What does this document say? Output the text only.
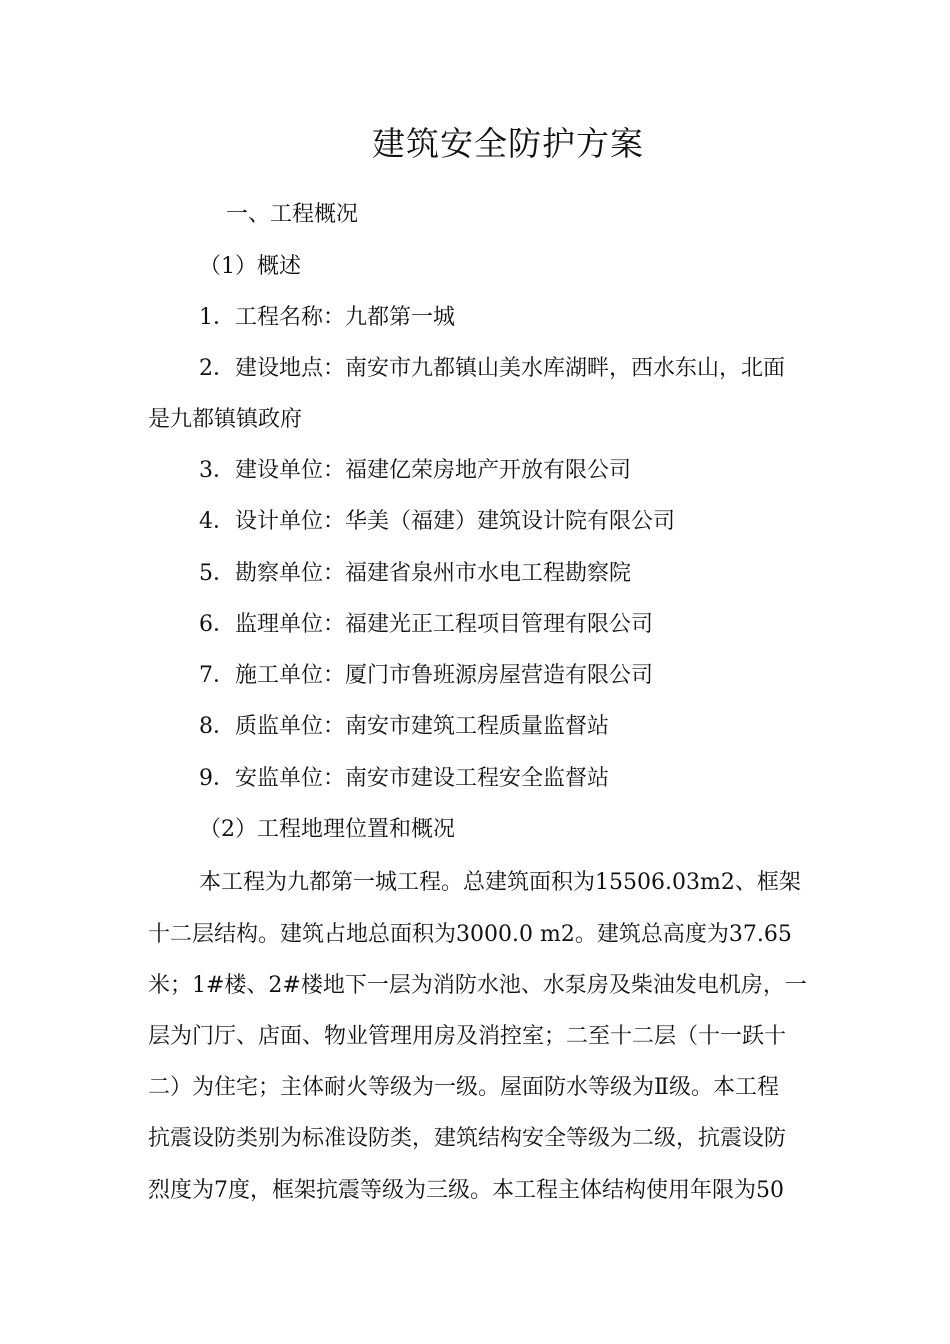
建筑安全防护方案
一、工程概况
（1）概述
1．工程名称：九都第一城
2．建设地点：南安市九都镇山美水库湖畔，西水东山，北面
是九都镇镇政府
3．建设单位：福建亿荣房地产开放有限公司
4．设计单位：华美（福建）建筑设计院有限公司
5．勘察单位：福建省泉州市水电工程勘察院
6．监理单位：福建光正工程项目管理有限公司
7．施工单位：厦门市鲁班源房屋营造有限公司
8．质监单位：南安市建筑工程质量监督站
9．安监单位：南安市建设工程安全监督站
（2）工程地理位置和概况
本工程为九都第一城工程。总建筑面积为15506.03m2、框架
十二层结构。建筑占地总面积为3000.0 m2。建筑总高度为37.65
米；1#楼、2#楼地下一层为消防水池、水泵房及柴油发电机房，一
层为门厅、店面、物业管理用房及消控室；二至十二层（十一跃十
二）为住宅；主体耐火等级为一级。屋面防水等级为Ⅱ级。本工程
抗震设防类别为标准设防类，建筑结构安全等级为二级，抗震设防
烈度为7度，框架抗震等级为三级。本工程主体结构使用年限为50
